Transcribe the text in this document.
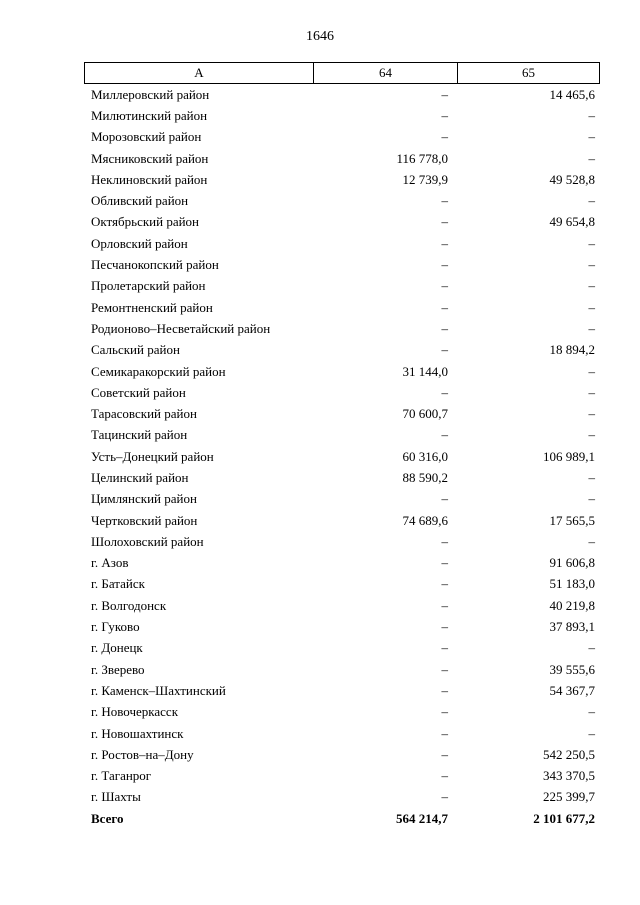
1646
А	64	65
Миллеровский район	–	14 465,6
Милютинский район	–	–
Морозовский район	–	–
Мясниковский район	116 778,0	–
Неклиновский район	12 739,9	49 528,8
Обливский район	–	–
Октябрьский район	–	49 654,8
Орловский район	–	–
Песчанокопский район	–	–
Пролетарский район	–	–
Ремонтненский район	–	–
Родионово–Несветайский район	–	–
Сальский район	–	18 894,2
Семикаракорский район	31 144,0	–
Советский район	–	–
Тарасовский район	70 600,7	–
Тацинский район	–	–
Усть–Донецкий район	60 316,0	106 989,1
Целинский район	88 590,2	–
Цимлянский район	–	–
Чертковский район	74 689,6	17 565,5
Шолоховский район	–	–
г. Азов	–	91 606,8
г. Батайск	–	51 183,0
г. Волгодонск	–	40 219,8
г. Гуково	–	37 893,1
г. Донецк	–	–
г. Зверево	–	39 555,6
г. Каменск–Шахтинский	–	54 367,7
г. Новочеркасск	–	–
г. Новошахтинск	–	–
г. Ростов–на–Дону	–	542 250,5
г. Таганрог	–	343 370,5
г. Шахты	–	225 399,7
Всего	564 214,7	2 101 677,2
